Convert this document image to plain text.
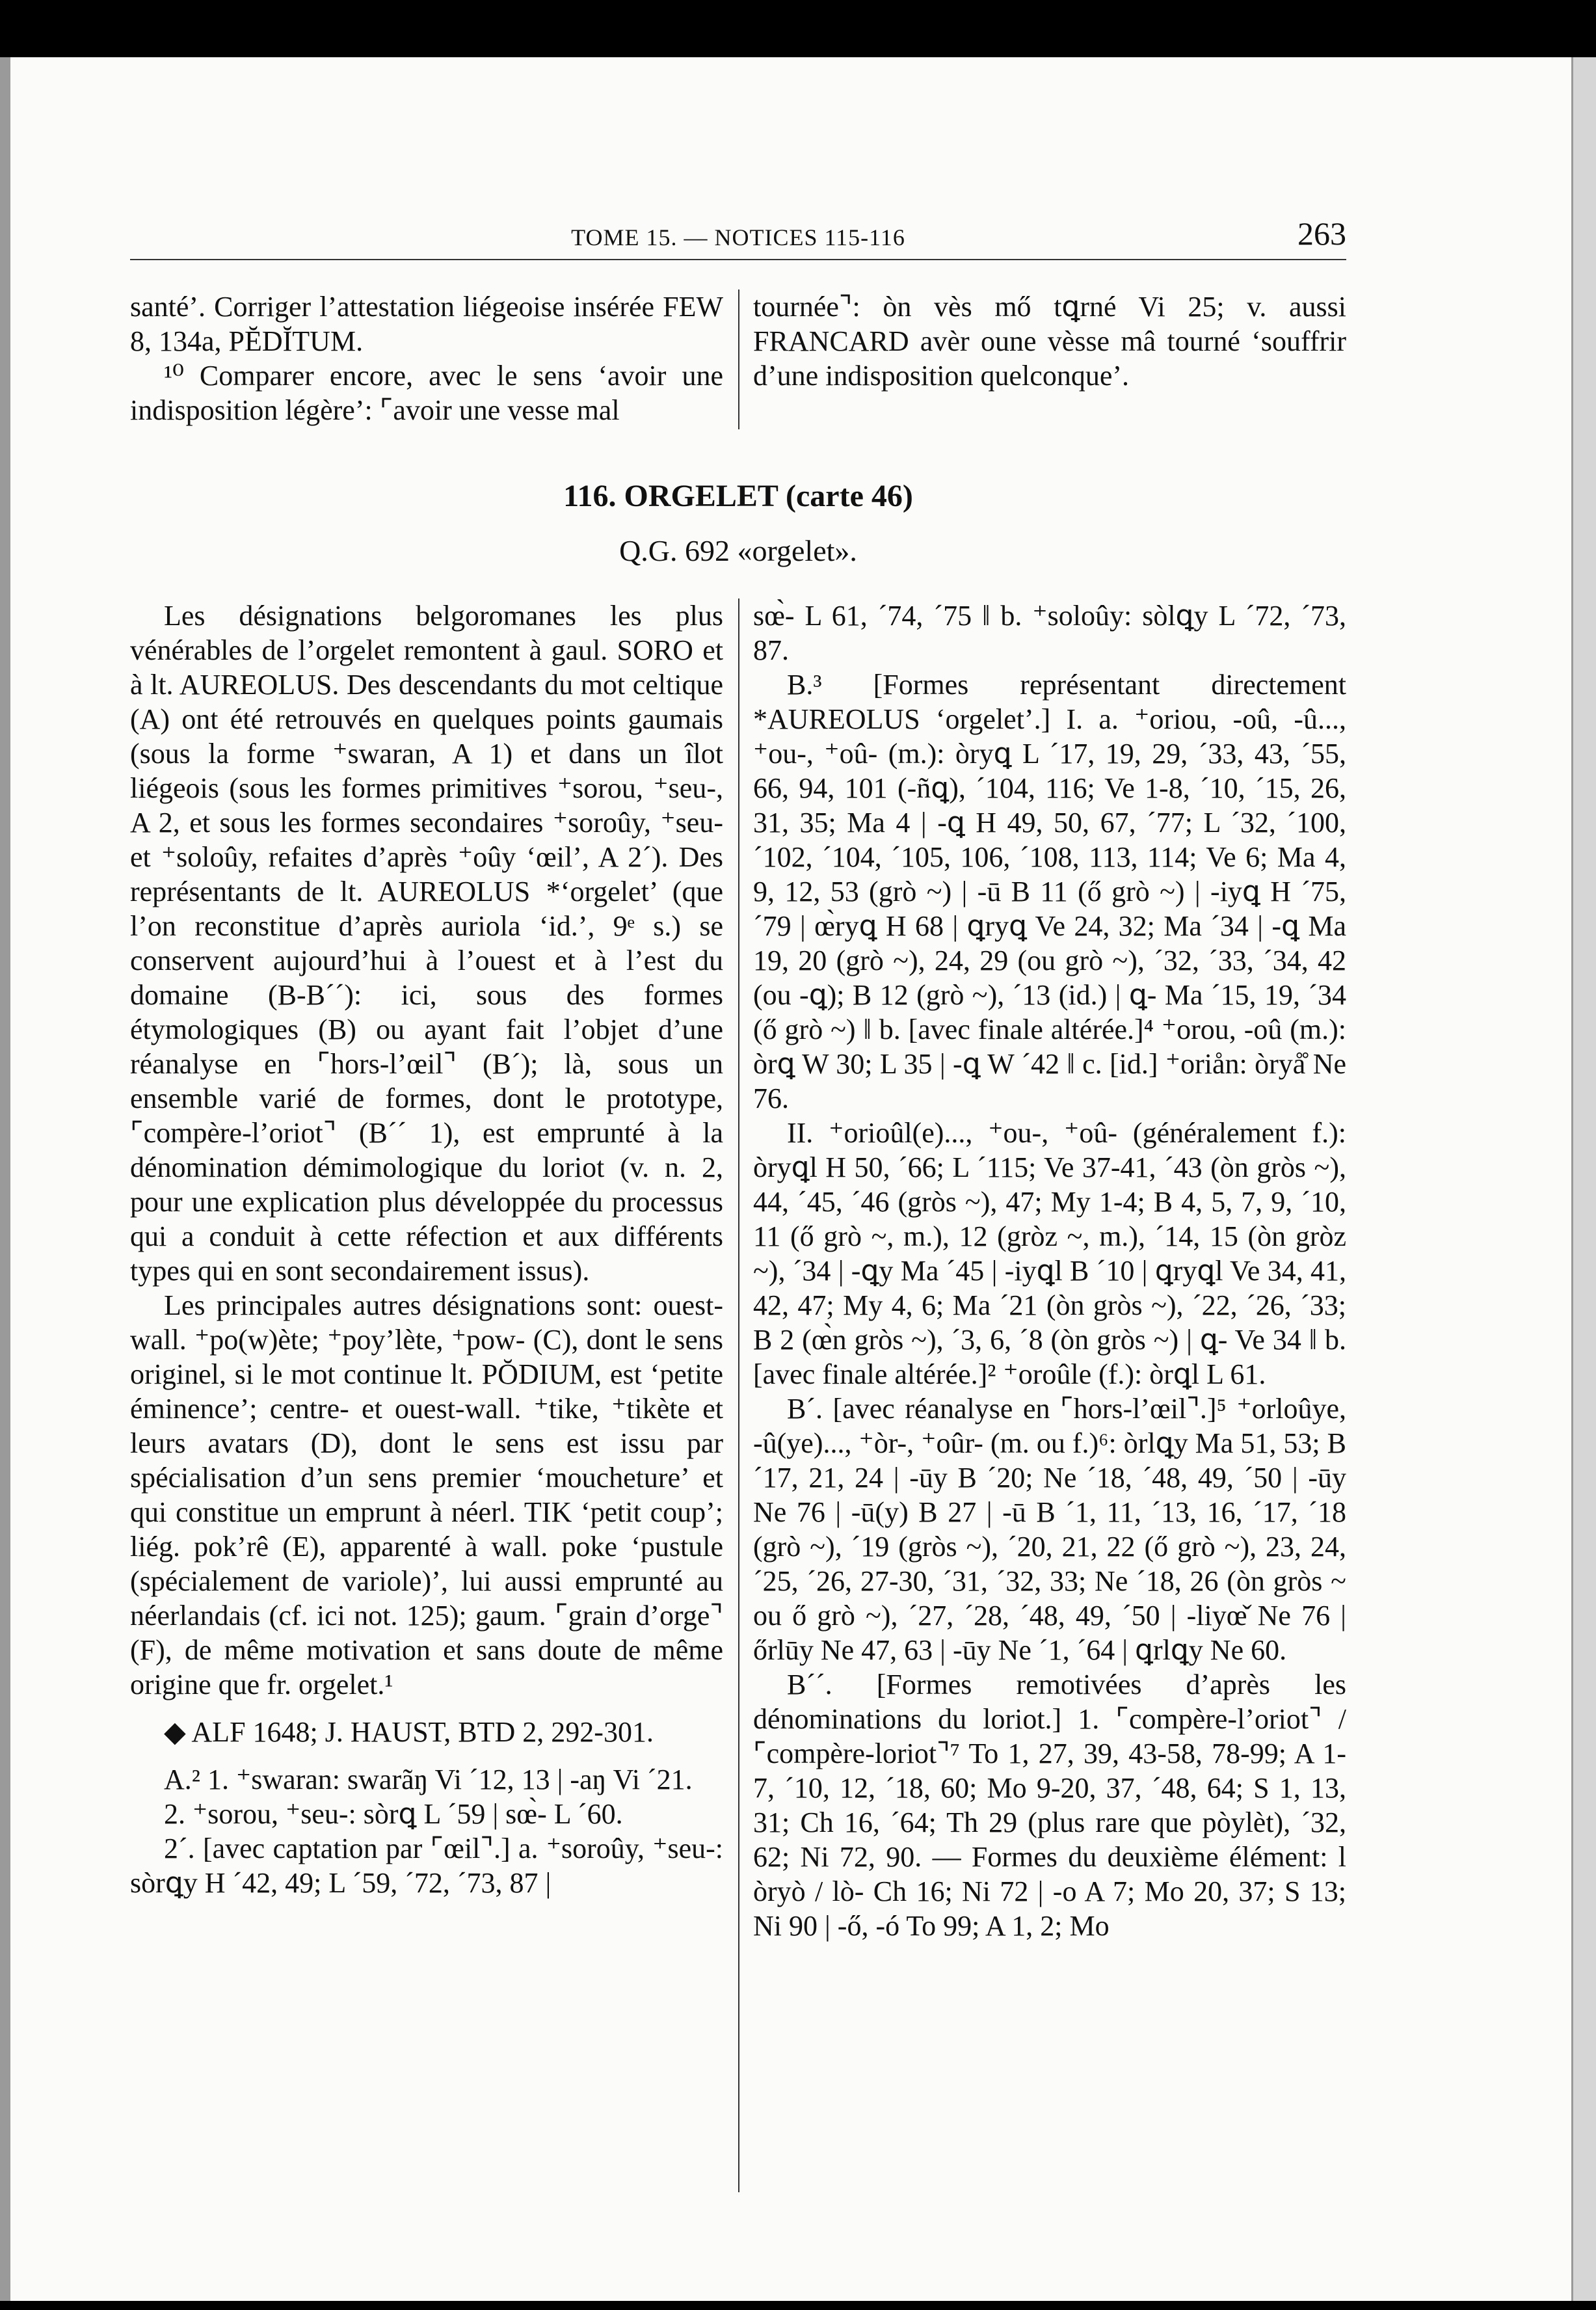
TOME 15. — NOTICES 115-116	263

santé’. Corriger l’attestation liégeoise insérée FEW 8, 134a, PĔDĬTUM.

¹⁰ Comparer encore, avec le sens ‘avoir une indisposition légère’: ⌜avoir une vesse mal

tournée⌝: òn vès mő tꝗrné Vi 25; v. aussi FRANCARD avèr oune vèsse mâ tourné ‘souffrir d’une indisposition quelconque’.

116. ORGELET (carte 46)
Q.G. 692 «orgelet».

Les désignations belgoromanes les plus vénérables de l’orgelet remontent à gaul. SORO et à lt. AUREOLUS. Des descendants du mot celtique (A) ont été retrouvés en quelques points gaumais (sous la forme ⁺swaran, A 1) et dans un îlot liégeois (sous les formes primitives ⁺sorou, ⁺seu-, A 2, et sous les formes secondaires ⁺soroûy, ⁺seu- et ⁺soloûy, refaites d’après ⁺oûy ‘œil’, A 2´). Des représentants de lt. AUREOLUS *‘orgelet’ (que l’on reconstitue d’après auriola ‘id.’, 9ᵉ s.) se conservent aujourd’hui à l’ouest et à l’est du domaine (B-B´´): ici, sous des formes étymologiques (B) ou ayant fait l’objet d’une réanalyse en ⌜hors-l’œil⌝ (B´); là, sous un ensemble varié de formes, dont le prototype, ⌜compère-l’oriot⌝ (B´´ 1), est emprunté à la dénomination démimologique du loriot (v. n. 2, pour une explication plus développée du processus qui a conduit à cette réfection et aux différents types qui en sont secondairement issus).

Les principales autres désignations sont: ouest-wall. ⁺po(w)ète; ⁺poy’lète, ⁺pow- (C), dont le sens originel, si le mot continue lt. PŎDIUM, est ‘petite éminence’; centre- et ouest-wall. ⁺tike, ⁺tikète et leurs avatars (D), dont le sens est issu par spécialisation d’un sens premier ‘moucheture’ et qui constitue un emprunt à néerl. TIK ‘petit coup’; liég. pok’rê (E), apparenté à wall. poke ‘pustule (spécialement de variole)’, lui aussi emprunté au néerlandais (cf. ici not. 125); gaum. ⌜grain d’orge⌝ (F), de même motivation et sans doute de même origine que fr. orgelet.¹

◆ ALF 1648; J. HAUST, BTD 2, 292-301.

A.² 1. ⁺swaran: swarãŋ Vi ´12, 13 | -aŋ Vi ´21.

2. ⁺sorou, ⁺seu-: sòrꝗ L ´59 | sœ̀- L ´60.

2´. [avec captation par ⌜œil⌝.] a. ⁺soroûy, ⁺seu-: sòrꝗy H ´42, 49; L ´59, ´72, ´73, 87 |

sœ̀- L 61, ´74, ´75 ‖ b. ⁺soloûy: sòlꝗy L ´72, ´73, 87.

B.³ [Formes représentant directement *AUREOLUS ‘orgelet’.] I. a. ⁺oriou, -oû, -û..., ⁺ou-, ⁺oû- (m.): òryꝗ L ´17, 19, 29, ´33, 43, ´55, 66, 94, 101 (-ñꝗ), ´104, 116; Ve 1-8, ´10, ´15, 26, 31, 35; Ma 4 | -ꝗ H 49, 50, 67, ´77; L ´32, ´100, ´102, ´104, ´105, 106, ´108, 113, 114; Ve 6; Ma 4, 9, 12, 53 (grò ~) | -ū B 11 (ő grò ~) | -iyꝗ H ´75, ´79 | œ̀ryꝗ H 68 | ꝗryꝗ Ve 24, 32; Ma ´34 | -ꝗ Ma 19, 20 (grò ~), 24, 29 (ou grò ~), ´32, ´33, ´34, 42 (ou -ꝗ); B 12 (grò ~), ´13 (id.) | ꝗ- Ma ´15, 19, ´34 (ő grò ~) ‖ b. [avec finale altérée.]⁴ ⁺orou, -oû (m.): òrꝗ W 30; L 35 | -ꝗ W ´42 ‖ c. [id.] ⁺oriån: òryå̊ Ne 76.

II. ⁺orioûl(e)..., ⁺ou-, ⁺oû- (généralement f.): òryꝗl H 50, ´66; L ´115; Ve 37-41, ´43 (òn gròs ~), 44, ´45, ´46 (gròs ~), 47; My 1-4; B 4, 5, 7, 9, ´10, 11 (ő grò ~, m.), 12 (gròz ~, m.), ´14, 15 (òn gròz ~), ´34 | -ꝗy Ma ´45 | -iyꝗl B ´10 | ꝗryꝗl Ve 34, 41, 42, 47; My 4, 6; Ma ´21 (òn gròs ~), ´22, ´26, ´33; B 2 (œ̀n gròs ~), ´3, 6, ´8 (òn gròs ~) | ꝗ- Ve 34 ‖ b. [avec finale altérée.]² ⁺oroûle (f.): òrꝗl L 61.

B´. [avec réanalyse en ⌜hors-l’œil⌝.]⁵ ⁺orloûye, -û(ye)..., ⁺òr-, ⁺oûr- (m. ou f.)⁶: òrlꝗy Ma 51, 53; B ´17, 21, 24 | -ūy B ´20; Ne ´18, ´48, 49, ´50 | -ūy Ne 76 | -ū(y) B 27 | -ū B ´1, 11, ´13, 16, ´17, ´18 (grò ~), ´19 (gròs ~), ´20, 21, 22 (ő grò ~), 23, 24, ´25, ´26, 27-30, ´31, ´32, 33; Ne ´18, 26 (òn gròs ~ ou ő grò ~), ´27, ´28, ´48, 49, ´50 | -liyœ̌ Ne 76 | őrlūy Ne 47, 63 | -ūy Ne ´1, ´64 | ꝗrlꝗy Ne 60.

B´´. [Formes remotivées d’après les dénominations du loriot.] 1. ⌜compère-l’oriot⌝ / ⌜compère-loriot⌝⁷ To 1, 27, 39, 43-58, 78-99; A 1-7, ´10, 12, ´18, 60; Mo 9-20, 37, ´48, 64; S 1, 13, 31; Ch 16, ´64; Th 29 (plus rare que pòylèt), ´32, 62; Ni 72, 90. — Formes du deuxième élément: l òryò / lò- Ch 16; Ni 72 | -o A 7; Mo 20, 37; S 13; Ni 90 | -ő, -ó To 99; A 1, 2; Mo
